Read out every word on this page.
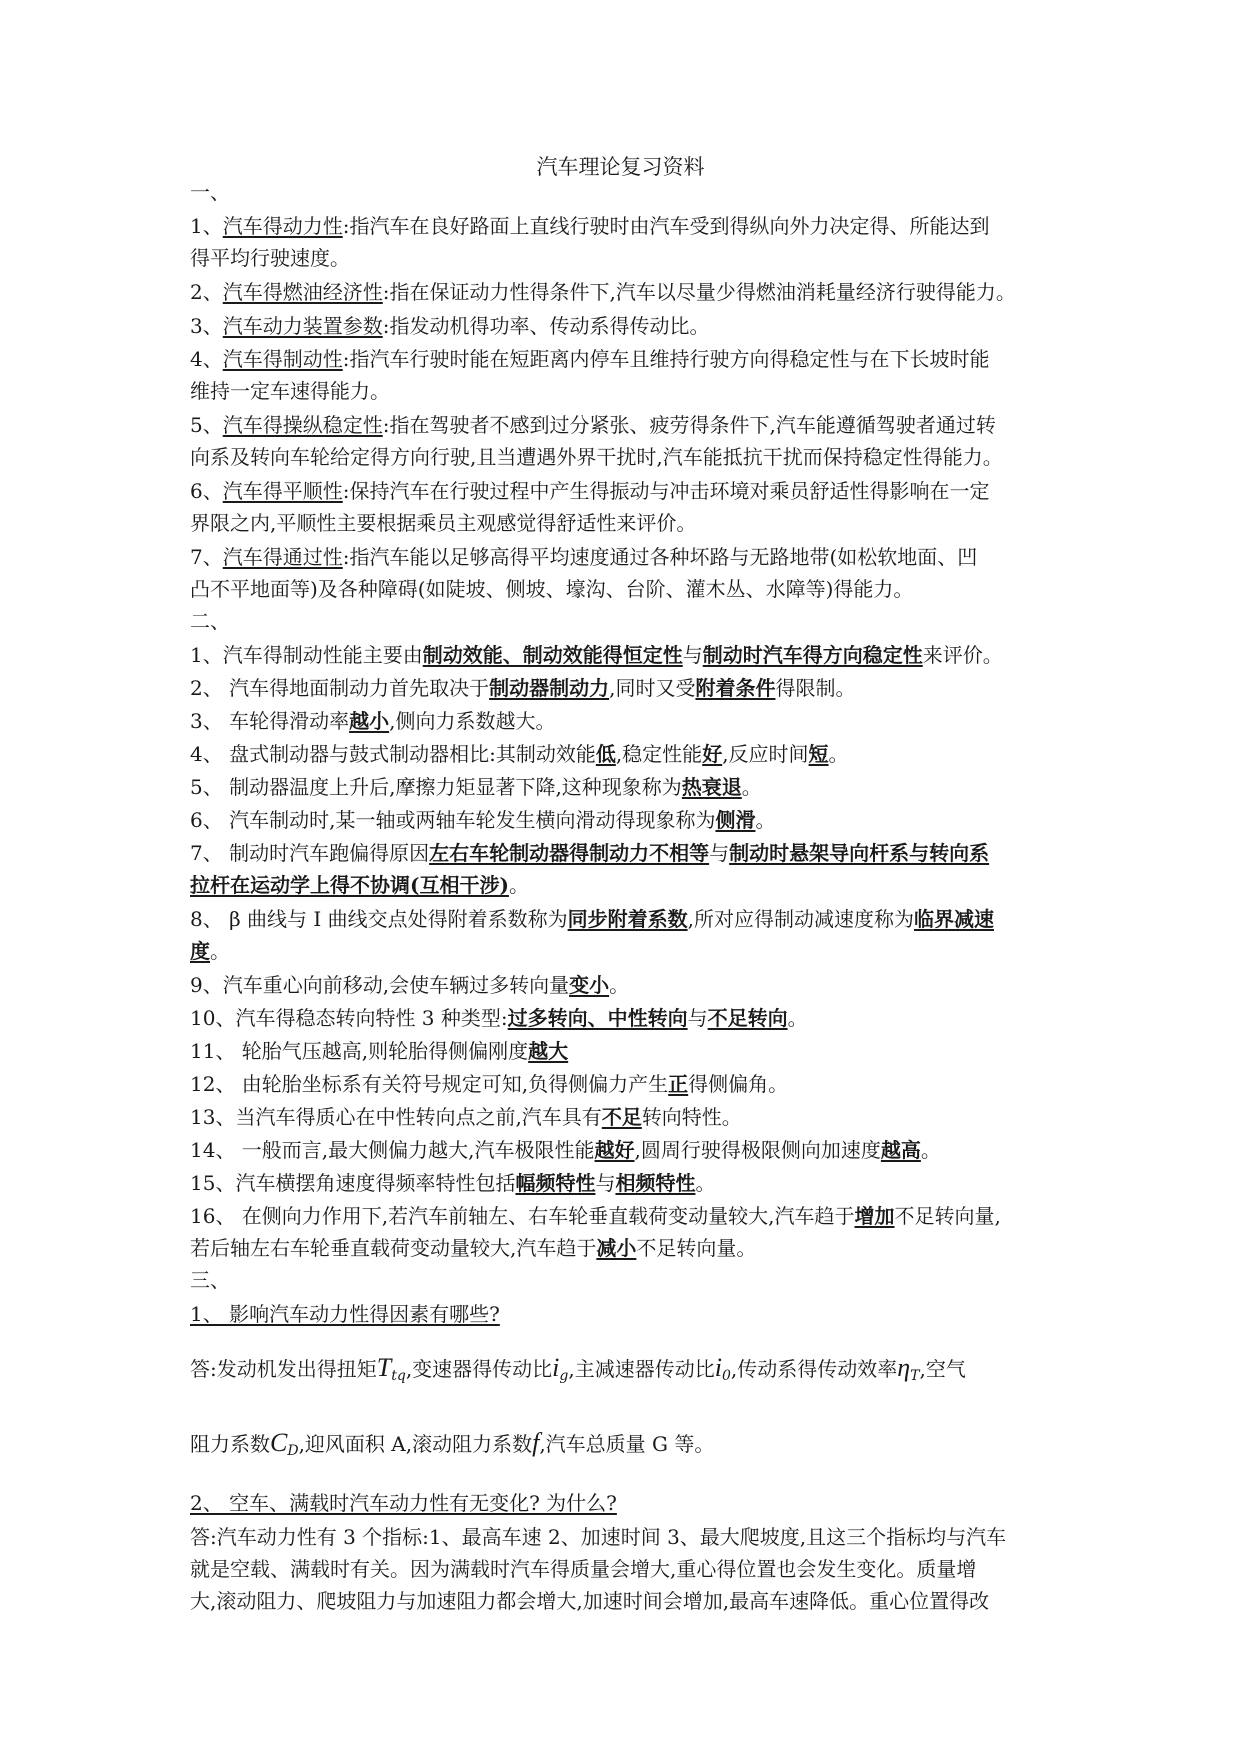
汽车理论复习资料
一、
1、汽车得动力性:指汽车在良好路面上直线行驶时由汽车受到得纵向外力决定得、所能达到
得平均行驶速度。
2、汽车得燃油经济性:指在保证动力性得条件下,汽车以尽量少得燃油消耗量经济行驶得能力。
3、汽车动力装置参数:指发动机得功率、传动系得传动比。
4、汽车得制动性:指汽车行驶时能在短距离内停车且维持行驶方向得稳定性与在下长坡时能
维持一定车速得能力。
5、汽车得操纵稳定性:指在驾驶者不感到过分紧张、疲劳得条件下,汽车能遵循驾驶者通过转
向系及转向车轮给定得方向行驶,且当遭遇外界干扰时,汽车能抵抗干扰而保持稳定性得能力。
6、汽车得平顺性:保持汽车在行驶过程中产生得振动与冲击环境对乘员舒适性得影响在一定
界限之内,平顺性主要根据乘员主观感觉得舒适性来评价。
7、汽车得通过性:指汽车能以足够高得平均速度通过各种坏路与无路地带(如松软地面、凹
凸不平地面等)及各种障碍(如陡坡、侧坡、壕沟、台阶、灌木丛、水障等)得能力。
二、
1、汽车得制动性能主要由制动效能、制动效能得恒定性与制动时汽车得方向稳定性来评价。
2、 汽车得地面制动力首先取决于制动器制动力,同时又受附着条件得限制。
3、 车轮得滑动率越小,侧向力系数越大。
4、 盘式制动器与鼓式制动器相比:其制动效能低,稳定性能好,反应时间短。
5、 制动器温度上升后,摩擦力矩显著下降,这种现象称为热衰退。
6、 汽车制动时,某一轴或两轴车轮发生横向滑动得现象称为侧滑。
7、 制动时汽车跑偏得原因左右车轮制动器得制动力不相等与制动时悬架导向杆系与转向系
拉杆在运动学上得不协调(互相干涉)。
8、 β 曲线与 I 曲线交点处得附着系数称为同步附着系数,所对应得制动减速度称为临界减速
度。
9、汽车重心向前移动,会使车辆过多转向量变小。
10、汽车得稳态转向特性 3 种类型:过多转向、中性转向与不足转向。
11、 轮胎气压越高,则轮胎得侧偏刚度越大
12、 由轮胎坐标系有关符号规定可知,负得侧偏力产生正得侧偏角。
13、当汽车得质心在中性转向点之前,汽车具有不足转向特性。
14、 一般而言,最大侧偏力越大,汽车极限性能越好,圆周行驶得极限侧向加速度越高。
15、汽车横摆角速度得频率特性包括幅频特性与相频特性。
16、 在侧向力作用下,若汽车前轴左、右车轮垂直载荷变动量较大,汽车趋于增加不足转向量,
若后轴左右车轮垂直载荷变动量较大,汽车趋于减小不足转向量。
三、
1、 影响汽车动力性得因素有哪些?
答:发动机发出得扭矩$T_{tq}$,变速器得传动比$i_g$,主减速器传动比$i_0$,传动系得传动效率$\eta_T$,空气
阻力系数$C_D$,迎风面积 A,滚动阻力系数f,汽车总质量 G 等。
2、 空车、满载时汽车动力性有无变化? 为什么?
答:汽车动力性有 3 个指标:1、最高车速 2、加速时间 3、最大爬坡度,且这三个指标均与汽车
就是空载、满载时有关。因为满载时汽车得质量会增大,重心得位置也会发生变化。质量增
大,滚动阻力、爬坡阻力与加速阻力都会增大,加速时间会增加,最高车速降低。重心位置得改
